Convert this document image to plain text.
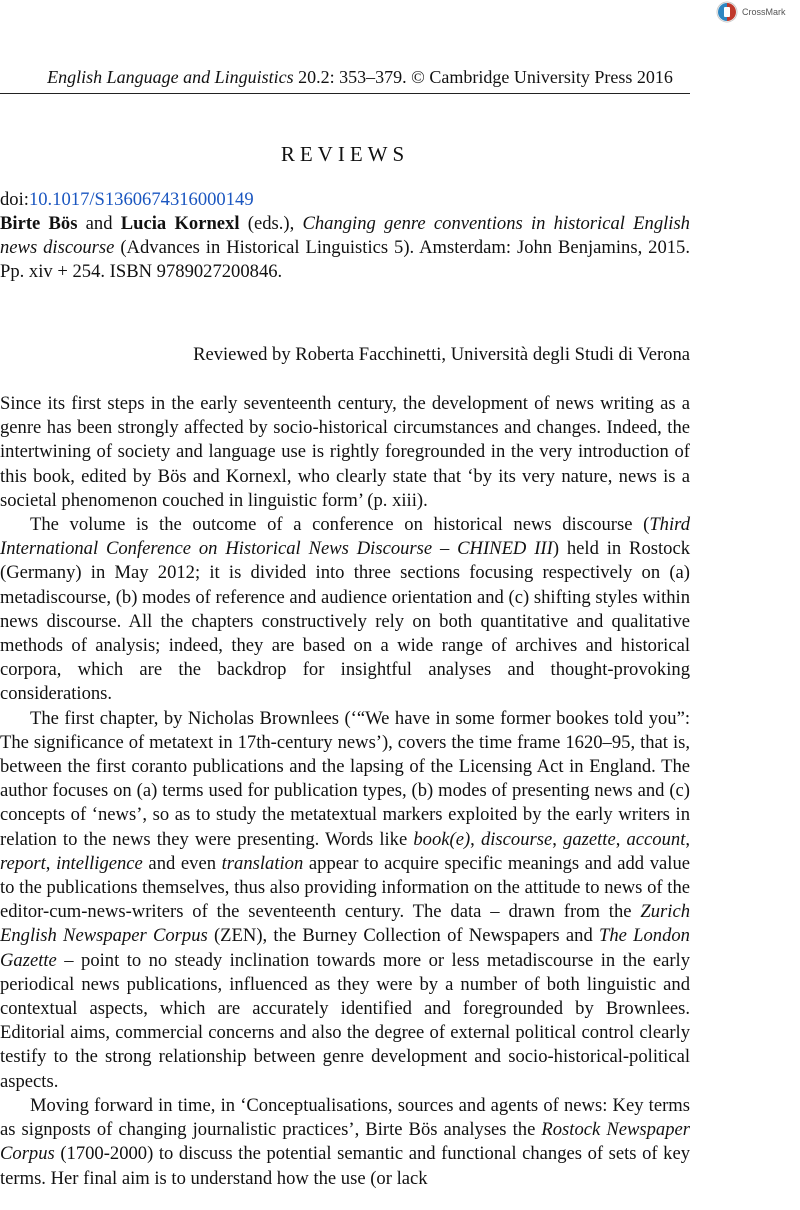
CrossMark
English Language and Linguistics 20.2: 353–379. © Cambridge University Press 2016
REVIEWS
doi:10.1017/S1360674316000149
Birte Bös and Lucia Kornexl (eds.), Changing genre conventions in historical English news discourse (Advances in Historical Linguistics 5). Amsterdam: John Benjamins, 2015. Pp. xiv + 254. ISBN 9789027200846.
Reviewed by Roberta Facchinetti, Università degli Studi di Verona

Since its first steps in the early seventeenth century, the development of news writing as a genre has been strongly affected by socio-historical circumstances and changes. Indeed, the intertwining of society and language use is rightly foregrounded in the very introduction of this book, edited by Bös and Kornexl, who clearly state that ‘by its very nature, news is a societal phenomenon couched in linguistic form’ (p. xiii).

The volume is the outcome of a conference on historical news discourse (Third International Conference on Historical News Discourse – CHINED III) held in Rostock (Germany) in May 2012; it is divided into three sections focusing respectively on (a) metadiscourse, (b) modes of reference and audience orientation and (c) shifting styles within news discourse. All the chapters constructively rely on both quantitative and qualitative methods of analysis; indeed, they are based on a wide range of archives and historical corpora, which are the backdrop for insightful analyses and thought-provoking considerations.

The first chapter, by Nicholas Brownlees (‘“We have in some former bookes told you”: The significance of metatext in 17th-century news’), covers the time frame 1620–95, that is, between the first coranto publications and the lapsing of the Licensing Act in England. The author focuses on (a) terms used for publication types, (b) modes of presenting news and (c) concepts of ‘news’, so as to study the metatextual markers exploited by the early writers in relation to the news they were presenting. Words like book(e), discourse, gazette, account, report, intelligence and even translation appear to acquire specific meanings and add value to the publications themselves, thus also providing information on the attitude to news of the editor-cum-news-writers of the seventeenth century. The data – drawn from the Zurich English Newspaper Corpus (ZEN), the Burney Collection of Newspapers and The London Gazette – point to no steady inclination towards more or less metadiscourse in the early periodical news publications, influenced as they were by a number of both linguistic and contextual aspects, which are accurately identified and foregrounded by Brownlees. Editorial aims, commercial concerns and also the degree of external political control clearly testify to the strong relationship between genre development and socio-historical-political aspects.

Moving forward in time, in ‘Conceptualisations, sources and agents of news: Key terms as signposts of changing journalistic practices’, Birte Bös analyses the Rostock Newspaper Corpus (1700-2000) to discuss the potential semantic and functional changes of sets of key terms. Her final aim is to understand how the use (or lack
